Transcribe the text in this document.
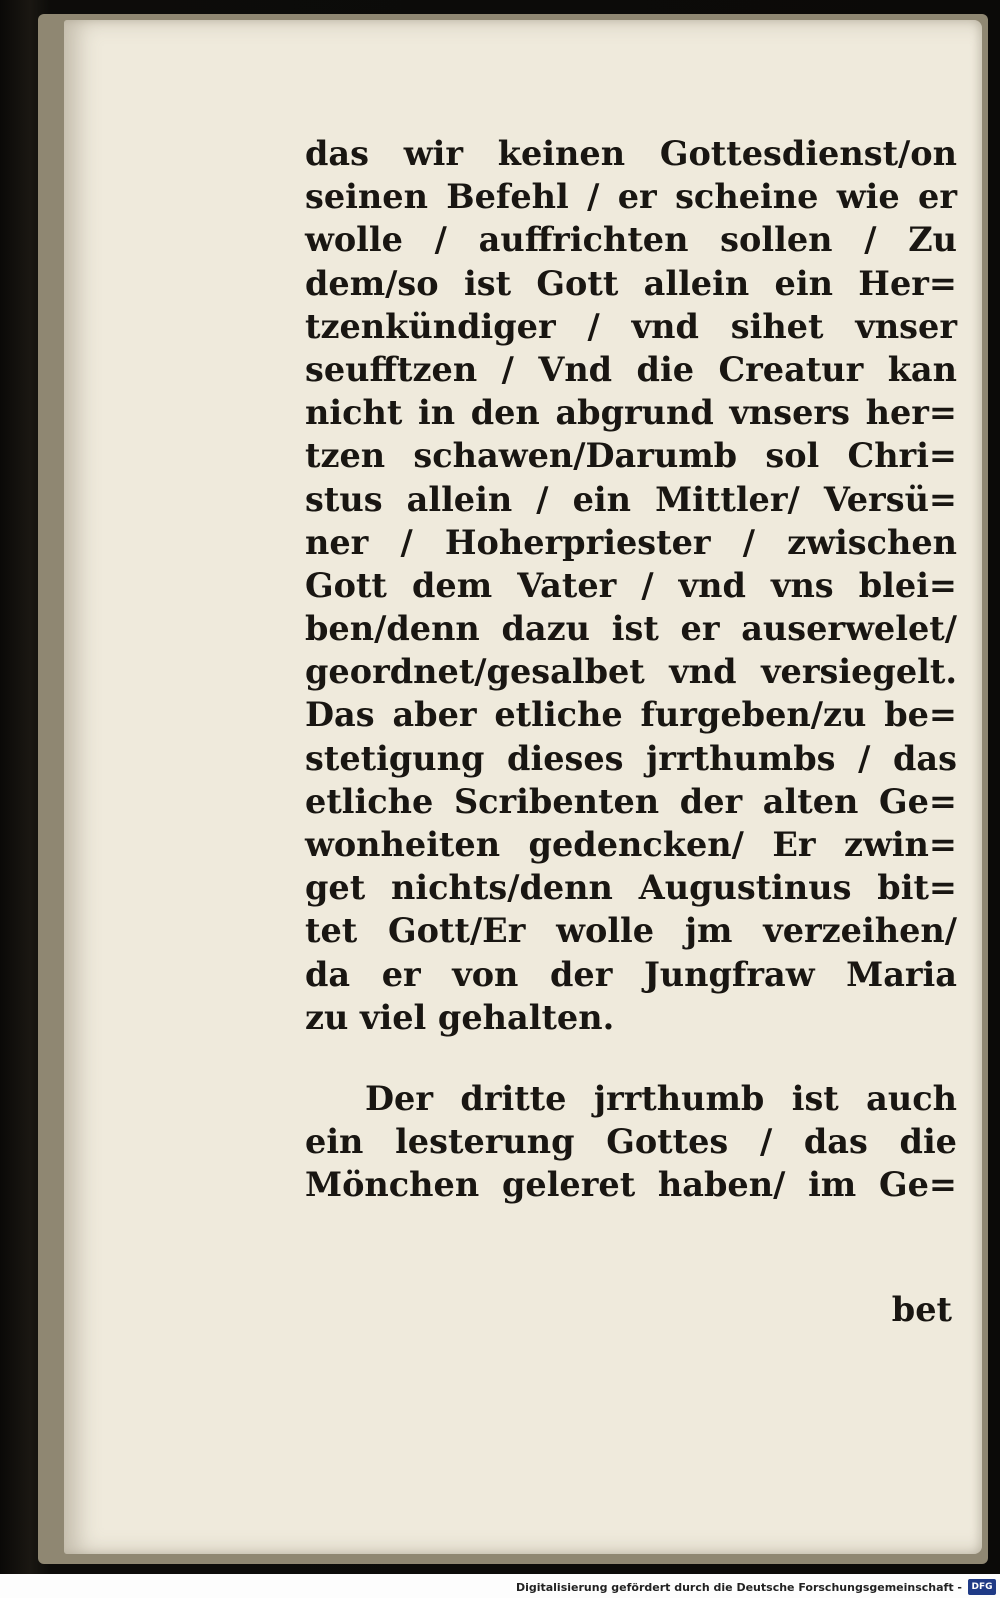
das wir keinen Gottesdienst/on
seinen Befehl / er scheine wie er
wolle / auffrichten sollen / Zu
dem/so ist Gott allein ein Her=
tzenkündiger / vnd sihet vnser
seufftzen / Vnd die Creatur kan
nicht in den abgrund vnsers her=
tzen schawen/Darumb sol Chri=
stus allein / ein Mittler/ Versü=
ner / Hoherpriester / zwischen
Gott dem Vater / vnd vns blei=
ben/denn dazu ist er auserwelet/
geordnet/gesalbet vnd versiegelt.
Das aber etliche furgeben/zu be=
stetigung dieses jrrthumbs / das
etliche Scribenten der alten Ge=
wonheiten gedencken/ Er zwin=
get nichts/denn Augustinus bit=
tet Gott/Er wolle jm verzeihen/
da er von der Jungfraw Maria
zu viel gehalten.
Der dritte jrrthumb ist auch
ein lesterung Gottes / das die
Mönchen geleret haben/ im Ge=
bet
Digitalisierung gefördert durch die Deutsche Forschungsgemeinschaft -	DFG
